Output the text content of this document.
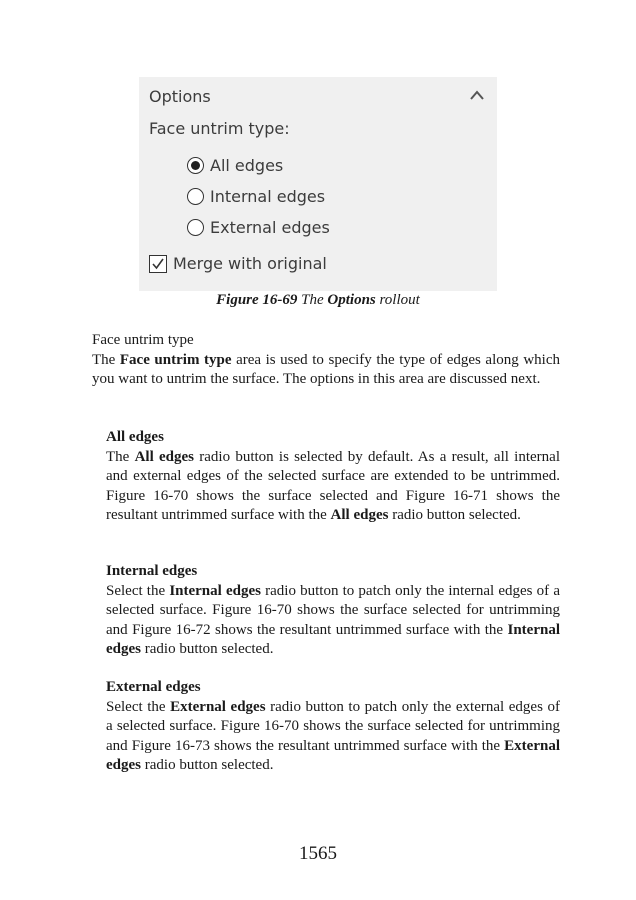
Options
Face untrim type:
All edges
Internal edges
External edges
Merge with original
Figure 16-69 The Options rollout
Face untrim type
The Face untrim type area is used to specify the type of edges along which you want to untrim the surface. The options in this area are discussed next.
All edges
The All edges radio button is selected by default. As a result, all internal and external edges of the selected surface are extended to be untrimmed. Figure 16-70 shows the surface selected and Figure 16-71 shows the resultant untrimmed surface with the All edges radio button selected.
Internal edges
Select the Internal edges radio button to patch only the internal edges of a selected surface. Figure 16-70 shows the surface selected for untrimming and Figure 16-72 shows the resultant untrimmed surface with the Internal edges radio button selected.
External edges
Select the External edges radio button to patch only the external edges of a selected surface. Figure 16-70 shows the surface selected for untrimming and Figure 16-73 shows the resultant untrimmed surface with the External edges radio button selected.
1565
